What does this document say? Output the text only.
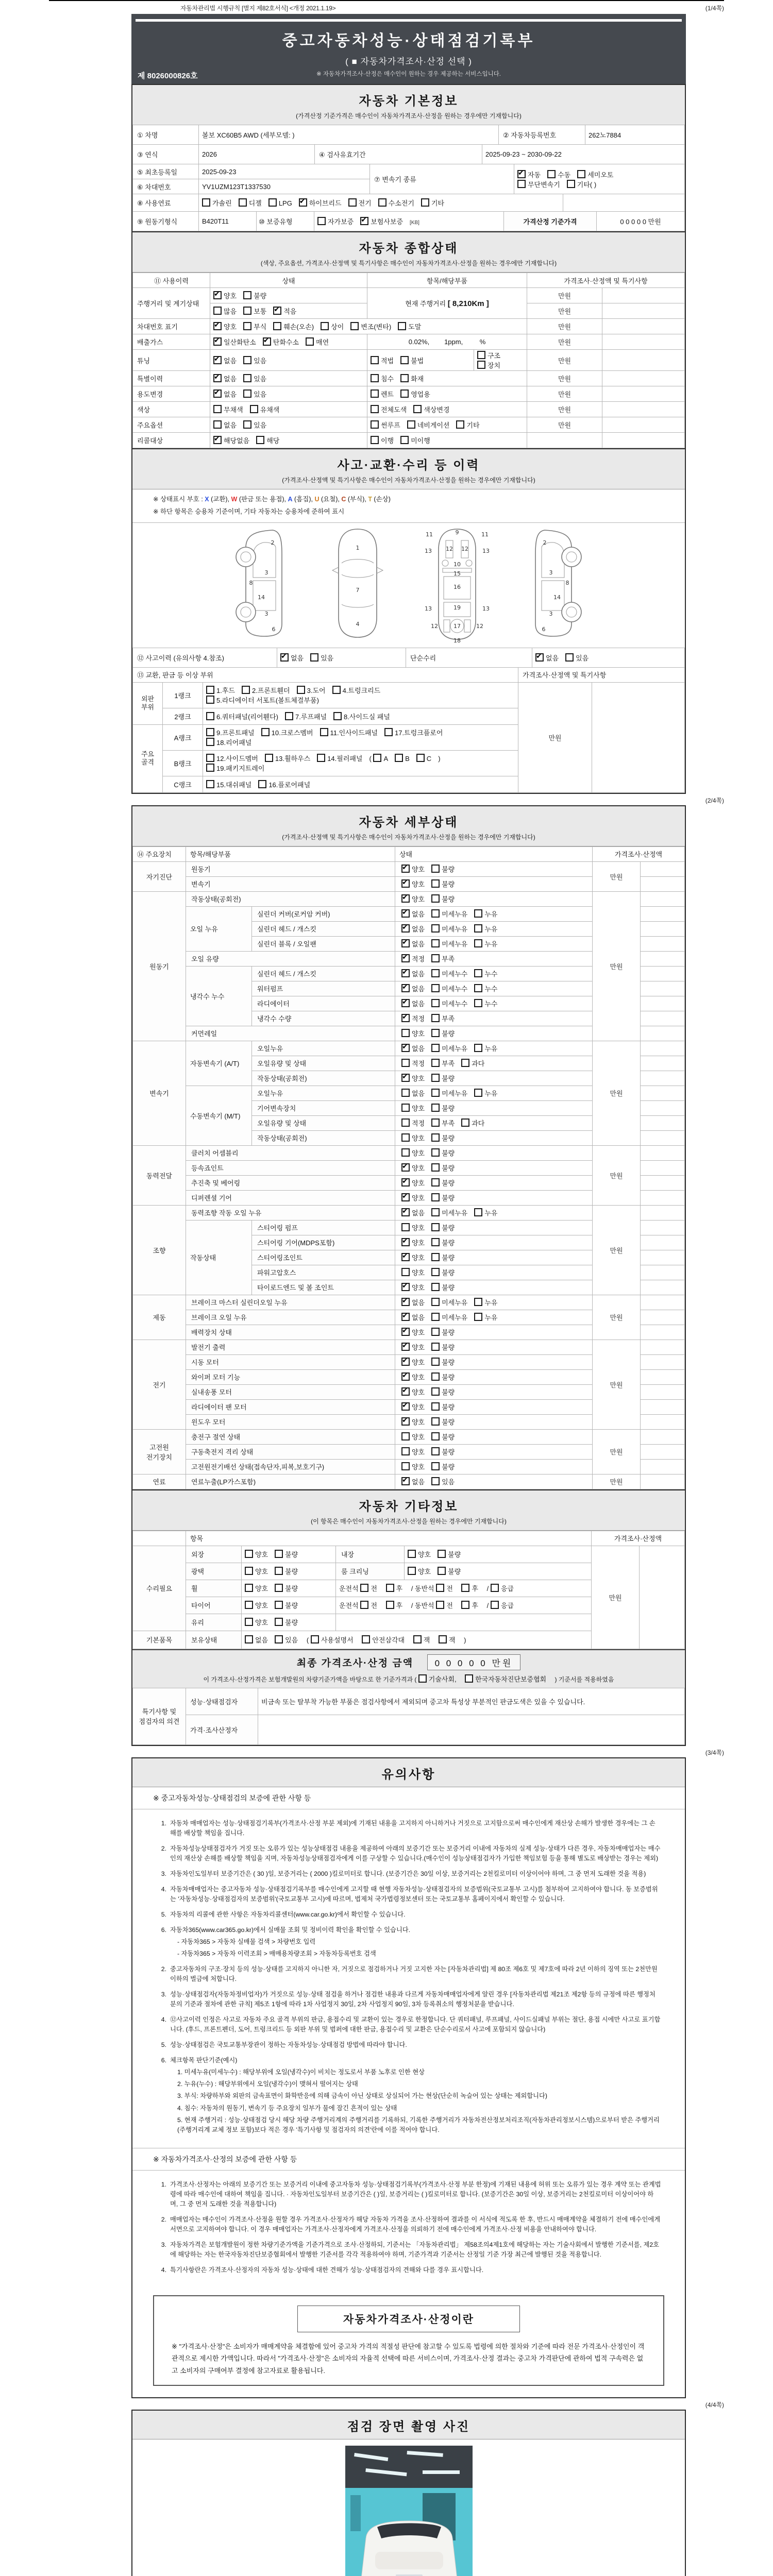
자동차관리법 시행규칙 [별지 제82호서식] <개정 2021.1.19>	(1/4쪽)
중고자동차성능·상태점검기록부
( ■ 자동차가격조사·산정 선택 )
※ 자동차가격조사·산정은 매수인이 원하는 경우 제공하는 서비스입니다.
제 8026000826호
자동차 기본정보
(가격산정 기준가격은 매수인이 자동차가격조사·산정을 원하는 경우에만 기재합니다)
① 차명	볼보 XC60B5 AWD (세부모델: )	② 자동차등록번호	262노7884
③ 연식	2026	④ 검사유효기간	2025-09-23 ~ 2030-09-22
⑤ 최초등록일	2025-09-23	⑦ 변속기 종류	✔자동 수동 세미오토
무단변속기 기타( )
⑥ 차대번호	YV1UZM123T1337530		
⑧ 사용연료	가솔린	디젤	LPG ✔	하이브리드	전기	수소전기	기타	
⑨ 원동기형식	B420T11	⑩ 보증유형	자가보증 ✔	보험사보증 [KB]	가격산정 기준가격	0 0 0 0 0 만원
자동차 종합상태
(색상, 주요옵션, 가격조사·산정액 및 특기사항은 매수인이 자동차가격조사·산정을 원하는 경우에만 기재합니다)
⑪ 사용이력	상태	항목/해당부품		가격조사·산정액 및 특기사항	
주행거리 및 계기상태	✔양호 불량	현재 주행거리 [ 8,210Km ]		만원	
	많음 보통 ✔ 적음			만원	
차대번호 표기	✔양호 부식 훼손(오손) 상이 변조(변타) 도말			만원	
배출가스	✔일산화탄소 ✔ 탄화수소 매연	0.02%,        1ppm,         %		만원	
튜닝	✔없음 있음	적법 불법	구조장치	만원	
특별이력	✔없음 있음	침수 화재		만원	
용도변경	✔없음 있음	렌트 영업용		만원	
색상	무채색 유채색	전체도색 색상변경		만원	
주요옵션	없음 있음	썬루프 네비게이션 기타		만원	
리콜대상	✔해당없음 해당	이행 미이행			
사고·교환·수리 등 이력
(가격조사·산정액 및 특기사항은 매수인이 자동차가격조사·산정을 원하는 경우에만 기재합니다)
※ 상태표시 부호 : X (교환), W (판금 또는 용접), A (흠집), U (요철), C (부식), T (손상)
※ 하단 항목은 승용차 기준이며, 기타 자동차는 승용차에 준하여 표시
2
8
3
14
3
6
1
7
4
11	9	11
13 12 12 13
10
15
16
13	19	13
12	17	12
18
2
3
8
14
3
6
⑫ 사고이력 (유의사항 4.참조)	✔없음	있음	단순수리	✔없음	있음
⑬ 교환, 판금 등 이상 부위	가격조사·산정액 및 특기사항
외판
부위	1랭크	1.후드 2.프론트휀더 3.도어 4.트렁크리드
5.라디에이터 서포트(볼트체결부품)	만원	
	2랭크	6.쿼터패널(리어휀다) 7.루프패널 8.사이드실 패널		
주요
골격	A랭크	9.프론트패널 10.크로스멤버 11.인사이드패널 17.트렁크플로어
18.리어패널		
	B랭크	12.사이드멤버 13.휠하우스 14.필러패널 ( A B C )
19.패키지트레이		
	C랭크	15.대쉬패널 16.플로어패널		
(2/4쪽)
자동차 세부상태
(가격조사·산정액 및 특기사항은 매수인이 자동차가격조사·산정을 원하는 경우에만 기재합니다)
⑭ 주요장치	항목/해당부품		상태	가격조사·산정액	
자기진단	원동기	✔양호 불량	만원	
	변속기	✔양호 불량	
원동기	작동상태(공회전)	✔양호 불량	만원	
	오일 누유	실린더 커버(로커암 커버)	✔없음 미세누유 누유	
		실린더 헤드 / 개스킷	✔없음 미세누유 누유	
		실린더 블록 / 오일팬	✔없음 미세누유 누유	
	오일 유량	✔적정 부족	
	냉각수 누수	실린더 헤드 / 개스킷	✔없음 미세누수 누수	
		워터펌프	✔없음 미세누수 누수	
		라디에이터	✔없음 미세누수 누수	
		냉각수 수량	✔적정 부족	
	커먼레일		양호 불량		
변속기	자동변속기 (A/T)	오일누유	✔없음 미세누유 누유	만원	
		오일유량 및 상태	적정 부족 과다		
		작동상태(공회전)	✔양호 불량	
	수동변속기 (M/T)	오일누유	없음 미세누유 누유		
		기어변속장치	양호 불량		
		오일유량 및 상태	적정 부족 과다		
		작동상태(공회전)	양호 불량		
동력전달	클러치 어셈블리		양호 불량	만원	
	등속죠인트	✔양호 불량	
	추진축 및 베어링	✔양호 불량	
	디퍼렌셜 기어	✔양호 불량	
조향	동력조향 작동 오일 누유	✔없음 미세누유 누유	만원	
	작동상태	스티어링 펌프	양호 불량		
		스티어링 기어(MDPS포함)	✔양호 불량	
		스티어링조인트	✔양호 불량	
		파워고압호스	양호 불량		
		타이로드엔드 및 볼 조인트	✔양호 불량	
제동	브레이크 마스터 실린더오일 누유	✔없음 미세누유 누유	만원	
	브레이크 오일 누유	✔없음 미세누유 누유	
	배력장치 상태	✔양호 불량	
전기	발전기 출력	✔양호 불량	만원	
	시동 모터	✔양호 불량	
	와이퍼 모터 기능	✔양호 불량	
	실내송풍 모터	✔양호 불량	
	라디에이터 팬 모터	✔양호 불량	
	윈도우 모터	✔양호 불량	
고전원
전기장치	충전구 절연 상태		양호 불량	만원	
	구동축전지 격리 상태		양호 불량		
	고전원전기배선 상태(접속단자,피복,보호기구)		양호 불량		
연료	연료누출(LP가스포함)	✔없음 있음	만원	
자동차 기타정보
(이 항목은 매수인이 자동차가격조사·산정을 원하는 경우에만 기재합니다)
	항목				가격조사·산정액	
수리필요	외장	양호 불량	내장	양호 불량	만원	
	광택	양호 불량	룸 크리닝	양호 불량		
	휠	양호 불량	운전석 전 후 / 동반석 전 후 / 응급			
	타이어	양호 불량	운전석 전 후 / 동반석 전 후 / 응급			
	유리	양호 불량				
기본품목	보유상태	없음 있음 ( 사용설명서 안전삼각대 잭 잭 )				
최종 가격조사·산정 금액 0 0 0 0 0 만원
이 가격조사·산정가격은 보험개발원의 차량기준가액을 바탕으로 한 기준가격과 ( 기술사회,	한국자동차진단보증협회 ) 기준서를 적용하였음
특기사항 및 점검자의 의견	성능·상태점검자	비금속 또는 탈부착 가능한 부품은 점검사항에서 제외되며 중고차 특성상 부분적인 판금도색은 있을 수 있습니다.
	가격·조사산정자	
(3/4쪽)
유의사항
※ 중고자동차성능·상태점검의 보증에 관한 사항 등
1. 자동차 매매업자는 성능·상태점검기록부(가격조사·산정 부분 제외)에 기재된 내용을 고지하지 아니하거나 거짓으로 고지함으로써 매수인에게 재산상 손해가 발생한 경우에는 그 손해를 배상할 책임을 집니다.
2. 자동차성능상태점검자가 거짓 또는 오류가 있는 성능상태점검 내용을 제공하여 아래의 보증기간 또는 보증거리 이내에 자동차의 실제 성능·상태가 다른 경우, 자동차매매업자는 매수인의 재산상 손해를 배상할 책임을 지며, 자동차성능상태점검자에게 이를 구상할 수 있습니다.(매수인이 성능상태점검자가 가입한 책임보험 등을 통해 별도로 배상받는 경우는 제외)
3. 자동차인도일부터 보증기간은 ( 30 )일, 보증거리는 ( 2000 )킬로미터로 합니다. (보증기간은 30일 이상, 보증거리는 2천킬로미터 이상이어야 하며, 그 중 먼저 도래한 것을 적용)
4. 자동차매매업자는 중고자동차 성능·상태점검기록부를 매수인에게 고지할 때 현행 자동차성능·상태점검자의 보증범위(국토교통부 고시)를 첨부하여 고지하여야 합니다. 동 보증범위는 '자동차성능·상태점검자의 보증범위'(국토교통부 고시)에 따르며, 법제처 국가법령정보센터 또는 국토교통부 홈페이지에서 확인할 수 있습니다.
5. 자동차의 리콜에 관한 사항은 자동차리콜센터(www.car.go.kr)에서 확인할 수 있습니다.
6. 자동차365(www.car365.go.kr)에서 실매물 조회 및 정비이력 확인을 확인할 수 있습니다.
- 자동차365 > 자동차 실매물 검색 > 차량번호 입력
- 자동차365 > 자동차 이력조회 > 매매용차량조회 > 자동차등록번호 검색
2. 중고자동차의 구조·장치 등의 성능·상태를 고지하지 아니한 자, 거짓으로 점검하거나 거짓 고지한 자는 [자동차관리법] 제 80조 제6호 및 제7호에 따라 2년 이하의 징역 또는 2천만원 이하의 벌금에 처합니다.
3. 성능·상태점검자(자동차정비업자)가 거짓으로 성능·상태 점검을 하거나 점검한 내용과 다르게 자동차매매업자에게 알린 경우 [자동차관리법 제21조 제2항 등의 규정에 따른 행정처분의 기준과 절차에 관한 규칙] 제5조 1항에 따라 1차 사업정지 30일, 2차 사업정지 90일, 3차 등록취소의 행정처분을 받습니다.
4. ⑫사고이력 인정은 사고로 자동차 주요 골격 부위의 판금, 용접수리 및 교환이 있는 경우로 한정합니다. 단 쿼터패널, 루프패널, 사이드실패널 부위는 절단, 용접 시에만 사고로 표기합니다. (후드, 프론트펜더, 도어, 트렁크리드 등 외판 부위 및 범퍼에 대한 판금, 용접수리 및 교환은 단순수리로서 사고에 포함되지 않습니다)
5. 성능·상태점검은 국토교통부장관이 정하는 자동차성능·상태점검 방법에 따라야 합니다.
6. 체크항목 판단기준(예시)
1. 미세누유(미세누수) : 해당부위에 오일(냉각수)이 비치는 정도로서 부품 노후로 인한 현상
2. 누유(누수) : 해당부위에서 오일(냉각수)이 맺혀서 떨어지는 상태
3. 부식: 차량하부와 외판의 금속표면이 화학반응에 의해 금속이 아닌 상태로 상실되어 가는 현상(단순히 녹슬어 있는 상태는 제외합니다)
4. 침수: 자동차의 원동기, 변속기 등 주요장치 일부가 물에 잠긴 흔적이 있는 상태
5. 현재 주행거리 : 성능·상태점검 당시 해당 차량 주행거리계의 주행거리를 기록하되, 기록한 주행거리가 자동차전산정보처리조직(자동차관리정보시스템)으로부터 받은 주행거리(주행거리계 교체 정보 포함)보다 적은 경우 '특기사항 및 점검자의 의견'란에 이를 적어야 합니다.
※ 자동차가격조사·산정의 보증에 관한 사항 등
1. 가격조사·산정자는 아래의 보증기간 또는 보증거리 이내에 중고자동차 성능·상태점검기록부(가격조사·산정 부분 한정)에 기재된 내용에 허위 또는 오류가 있는 경우 계약 또는 관계법령에 따라 매수인에 대하여 책임을 집니다. · 자동차인도일부터 보증기간은 ( )일, 보증거리는 ( )킬로미터로 합니다. (보증기간은 30일 이상, 보증거리는 2천킬로미터 이상이어야 하며, 그 중 먼저 도래한 것을 적용합니다)
2. 매매업자는 매수인이 가격조사·산정을 원할 경우 가격조사·산정자가 해당 자동차 가격을 조사·산정하여 결과를 이 서식에 적도록 한 후, 반드시 매매계약을 체결하기 전에 매수인에게 서면으로 고지하여야 합니다. 이 경우 매매업자는 가격조사·산정자에게 가격조사·산정을 의뢰하기 전에 매수인에게 가격조사·산정 비용을 안내하여야 합니다.
3. 자동차가격은 보험개발원이 정한 차량기준가액을 기준가격으로 조사·산정하되, 기준서는 「자동차관리법」 제58조의4제1호에 해당하는 자는 기술사회에서 발행한 기준서를, 제2호에 해당하는 자는 한국자동차진단보증협회에서 발행한 기준서를 각각 적용하여야 하며, 기준가격과 기준서는 산정일 기준 가장 최근에 발행된 것을 적용합니다.
4. 특기사항란은 가격조사·산정자의 자동차 성능·상태에 대한 견해가 성능·상태점검자의 견해와 다를 경우 표시합니다.
자동차가격조사·산정이란
※ "가격조사·산정"은 소비자가 매매계약을 체결함에 있어 중고차 가격의 적절성 판단에 참고할 수 있도록 법령에 의한 절차와 기준에 따라 전문 가격조사·산정인이 객관적으로 제시한 가액입니다. 따라서 "가격조사·산정"은 소비자의 자율적 선택에 따른 서비스이며, 가격조사·산정 결과는 중고차 가격판단에 관하여 법적 구속력은 없고 소비자의 구매여부 결정에 참고자료로 활용됩니다.
(4/4쪽)
점검 장면 촬영 사진
